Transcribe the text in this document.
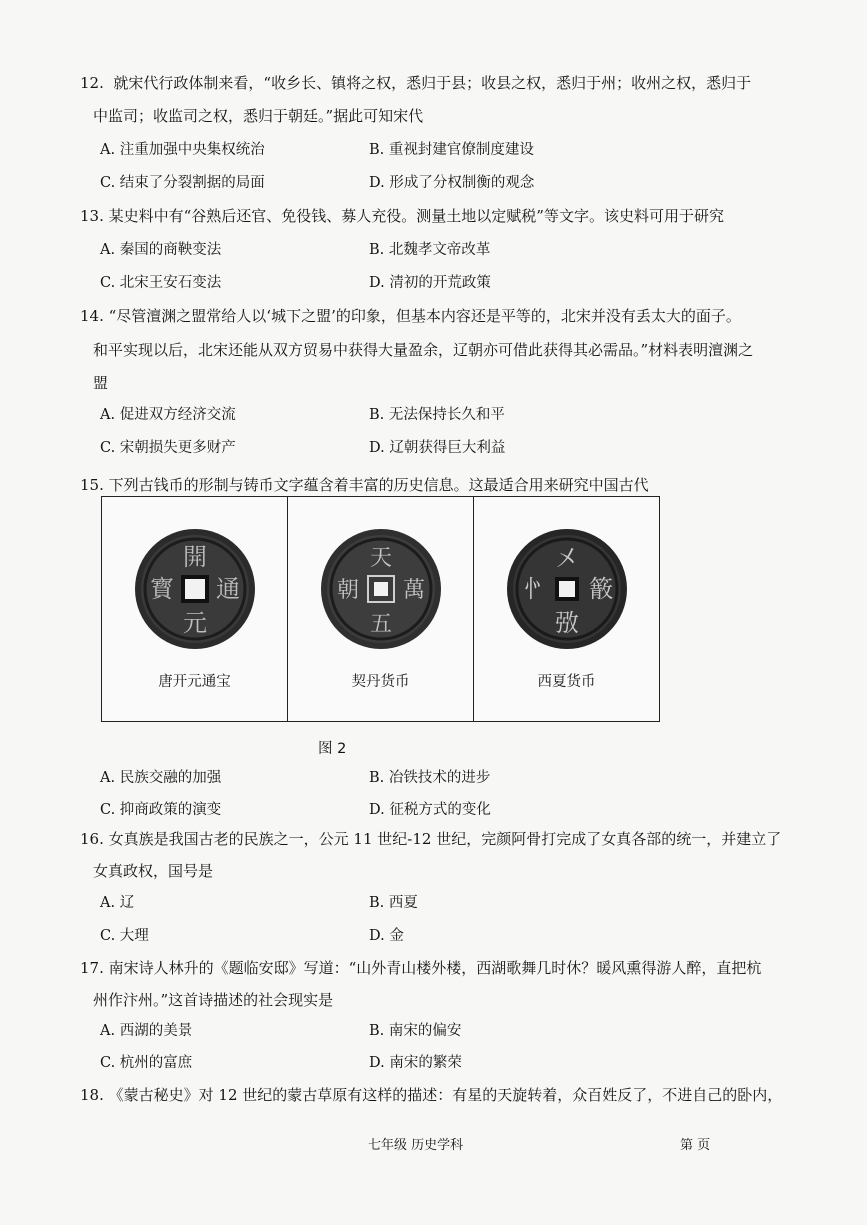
12. 就宋代行政体制来看，“收乡长、镇将之权，悉归于县；收县之权，悉归于州；收州之权，悉归于
中监司；收监司之权，悉归于朝廷。”据此可知宋代
A. 注重加强中央集权统治	B. 重视封建官僚制度建设
C. 结束了分裂割据的局面	D. 形成了分权制衡的观念
13. 某史料中有“谷熟后还官、免役钱、募人充役。测量土地以定赋税”等文字。该史料可用于研究
A. 秦国的商鞅变法	B. 北魏孝文帝改革
C. 北宋王安石变法	D. 清初的开荒政策
14. “尽管澶渊之盟常给人以‘城下之盟’的印象，但基本内容还是平等的，北宋并没有丢太大的面子。
和平实现以后，北宋还能从双方贸易中获得大量盈余，辽朝亦可借此获得其必需品。”材料表明澶渊之
盟
A. 促进双方经济交流	B. 无法保持长久和平
C. 宋朝损失更多财产	D. 辽朝获得巨大利益
15. 下列古钱币的形制与铸币文字蕴含着丰富的历史信息。这最适合用来研究中国古代
開
元
通
寳
唐开元通宝
天
五
萬
朝
契丹货币
㐅
㢸
䉈
㣺
西夏货币
图 2
A. 民族交融的加强	B. 冶铁技术的进步
C. 抑商政策的演变	D. 征税方式的变化
16. 女真族是我国古老的民族之一，公元 11 世纪-12 世纪，完颜阿骨打完成了女真各部的统一，并建立了
女真政权，国号是
A. 辽	B. 西夏
C. 大理	D. 金
17. 南宋诗人林升的《题临安邸》写道：“山外青山楼外楼，西湖歌舞几时休？暖风熏得游人醉，直把杭
州作汴州。”这首诗描述的社会现实是
A. 西湖的美景	B. 南宋的偏安
C. 杭州的富庶	D. 南宋的繁荣
18. 《蒙古秘史》对 12 世纪的蒙古草原有这样的描述：有星的天旋转着，众百姓反了，不进自己的卧内，
七年级 历史学科	第 页
